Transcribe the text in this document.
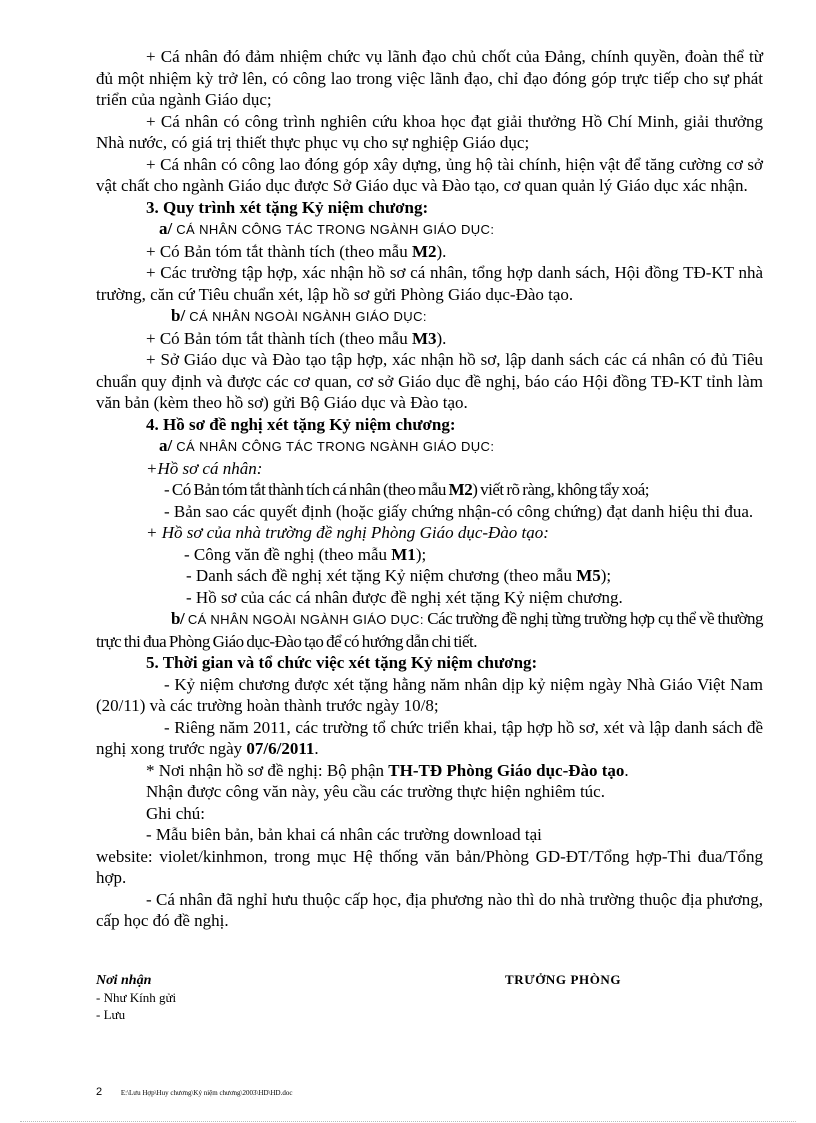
+ Cá nhân đó đảm nhiệm chức vụ lãnh đạo chủ chốt của Đảng, chính quyền, đoàn thể từ đủ một nhiệm kỳ trở lên, có công lao trong việc lãnh đạo, chỉ đạo đóng góp trực tiếp cho sự phát triển của ngành Giáo dục;

+ Cá nhân có công trình nghiên cứu khoa học đạt giải thưởng Hồ Chí Minh, giải thưởng Nhà nước, có giá trị thiết thực phục vụ cho sự nghiệp Giáo dục;

+ Cá nhân có công lao đóng góp xây dựng, ủng hộ tài chính, hiện vật để tăng cường cơ sở vật chất cho ngành Giáo dục được Sở Giáo dục và Đào tạo, cơ quan quản lý Giáo dục xác nhận.

3. Quy trình xét tặng Kỷ niệm chương:

a/ CÁ NHÂN CÔNG TÁC TRONG NGÀNH GIÁO DỤC:

+ Có Bản tóm tắt thành tích (theo mẫu M2).

+ Các trường tập hợp, xác nhận hồ sơ cá nhân, tổng hợp danh sách, Hội đồng TĐ-KT nhà trường, căn cứ Tiêu chuẩn xét, lập hồ sơ gửi Phòng Giáo dục-Đào tạo.

b/ CÁ NHÂN NGOÀI NGÀNH GIÁO DỤC:

+ Có Bản tóm tắt thành tích (theo mẫu M3).

+ Sở Giáo dục và Đào tạo tập hợp, xác nhận hồ sơ, lập danh sách các cá nhân có đủ Tiêu chuẩn quy định và được các cơ quan, cơ sở Giáo dục đề nghị, báo cáo Hội đồng TĐ-KT tỉnh làm văn bản (kèm theo hồ sơ) gửi Bộ Giáo dục và Đào tạo.

4. Hồ sơ đề nghị xét tặng Kỷ niệm chương:

a/ CÁ NHÂN CÔNG TÁC TRONG NGÀNH GIÁO DỤC:

+Hồ sơ cá nhân:

- Có Bản tóm tắt thành tích cá nhân (theo mẫu M2) viết rõ ràng, không tẩy xoá;

- Bản sao các quyết định (hoặc giấy chứng nhận-có công chứng) đạt danh hiệu thi đua.

+ Hồ sơ của nhà trường đề nghị Phòng Giáo dục-Đào tạo:

- Công văn đề nghị (theo mẫu M1);

- Danh sách đề nghị xét tặng Kỷ niệm chương (theo mẫu M5);

- Hồ sơ của các cá nhân được đề nghị xét tặng Kỷ niệm chương.

b/ CÁ NHÂN NGOÀI NGÀNH GIÁO DỤC: Các trường đề nghị từng trường hợp cụ thể về thường trực thi đua Phòng Giáo dục-Đào tạo để có hướng dẫn chi tiết.

5. Thời gian và tổ chức việc xét tặng Kỷ niệm chương:

- Kỷ niệm chương được xét tặng hằng năm nhân dịp kỷ niệm ngày Nhà Giáo Việt Nam (20/11) và các trường hoàn thành trước ngày 10/8;

- Riêng năm 2011, các trường tổ chức triển khai, tập hợp hồ sơ, xét và lập danh sách đề nghị xong trước ngày 07/6/2011.

* Nơi nhận hồ sơ đề nghị: Bộ phận TH-TĐ Phòng Giáo dục-Đào tạo.

Nhận được công văn này, yêu cầu các trường thực hiện nghiêm túc.

Ghi chú:

- Mẫu biên bản, bản khai cá nhân các trường download tại

website: violet/kinhmon, trong mục Hệ thống văn bản/Phòng GD-ĐT/Tổng hợp-Thi đua/Tổng hợp.

- Cá nhân đã nghỉ hưu thuộc cấp học, địa phương nào thì do nhà trường thuộc địa phương, cấp học đó đề nghị.

Nơi nhận

- Như Kính gửi

- Lưu

TRƯỞNG PHÒNG
2	E:\Lưu Hợp\Huy chương\Kỷ niệm chương\2003\HD\HD.doc
